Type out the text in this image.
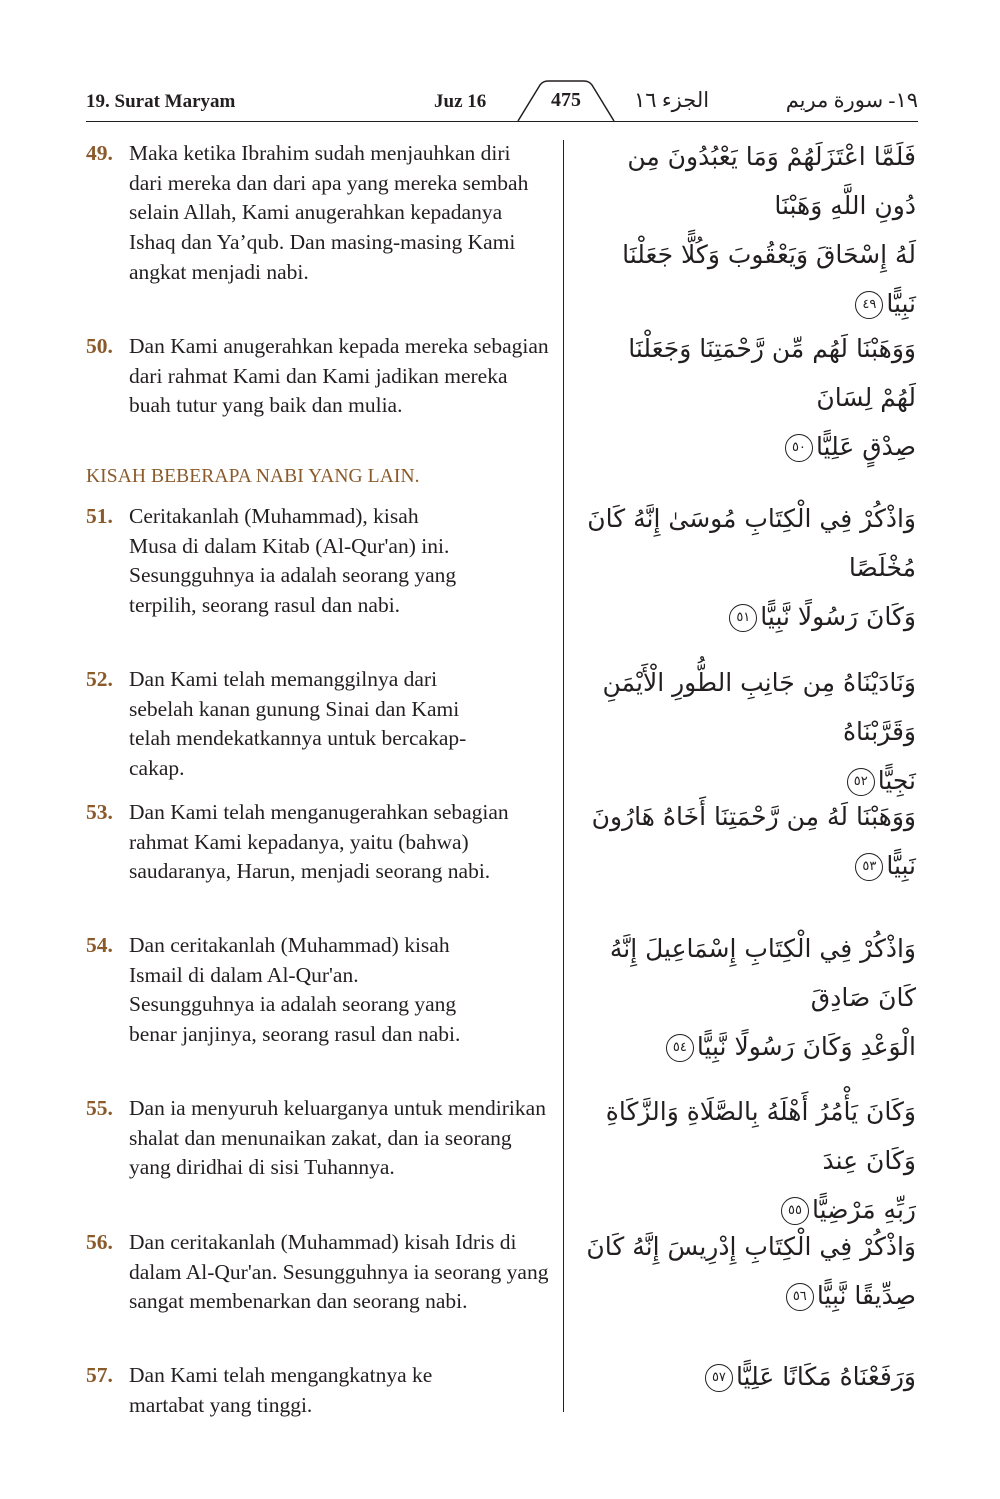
19. Surat Maryam	Juz 16	475	الجزء ١٦	١٩- سورة مريم
49. Maka ketika Ibrahim sudah menjauhkan diri dari mereka dan dari apa yang mereka sembah selain Allah, Kami anugerahkan kepadanya Ishaq dan Ya’qub. Dan masing-masing Kami angkat menjadi nabi.
50. Dan Kami anugerahkan kepada mereka sebagian dari rahmat Kami dan Kami jadikan mereka buah tutur yang baik dan mulia.
KISAH BEBERAPA NABI YANG LAIN.
51. Ceritakanlah (Muhammad), kisah Musa di dalam Kitab (Al-Qur'an) ini. Sesungguhnya ia adalah seorang yang terpilih, seorang rasul dan nabi.
52. Dan Kami telah memanggilnya dari sebelah kanan gunung Sinai dan Kami telah mendekatkannya untuk bercakap-cakap.
53. Dan Kami telah menganugerahkan sebagian rahmat Kami kepadanya, yaitu (bahwa) saudaranya, Harun, menjadi seorang nabi.
54. Dan ceritakanlah (Muhammad) kisah Ismail di dalam Al-Qur'an. Sesungguhnya ia adalah seorang yang benar janjinya, seorang rasul dan nabi.
55. Dan ia menyuruh keluarganya untuk mendirikan shalat dan menunaikan zakat, dan ia seorang yang diridhai di sisi Tuhannya.
56. Dan ceritakanlah (Muhammad) kisah Idris di dalam Al-Qur'an. Sesungguhnya ia seorang yang sangat membenarkan dan seorang nabi.
57. Dan Kami telah mengangkatnya ke martabat yang tinggi.
فَلَمَّا اعْتَزَلَهُمْ وَمَا يَعْبُدُونَ مِن دُونِ اللَّهِ وَهَبْنَا
لَهُ إِسْحَاقَ وَيَعْقُوبَ وَكُلًّا جَعَلْنَا نَبِيًّا٤٩
وَوَهَبْنَا لَهُم مِّن رَّحْمَتِنَا وَجَعَلْنَا لَهُمْ لِسَانَ
صِدْقٍ عَلِيًّا٥٠
وَاذْكُرْ فِي الْكِتَابِ مُوسَىٰ إِنَّهُ كَانَ مُخْلَصًا
وَكَانَ رَسُولًا نَّبِيًّا٥١
وَنَادَيْنَاهُ مِن جَانِبِ الطُّورِ الْأَيْمَنِ وَقَرَّبْنَاهُ
نَجِيًّا٥٢
وَوَهَبْنَا لَهُ مِن رَّحْمَتِنَا أَخَاهُ هَارُونَ نَبِيًّا٥٣
وَاذْكُرْ فِي الْكِتَابِ إِسْمَاعِيلَ إِنَّهُ كَانَ صَادِقَ
الْوَعْدِ وَكَانَ رَسُولًا نَّبِيًّا٥٤
وَكَانَ يَأْمُرُ أَهْلَهُ بِالصَّلَاةِ وَالزَّكَاةِ وَكَانَ عِندَ
رَبِّهِ مَرْضِيًّا٥٥
وَاذْكُرْ فِي الْكِتَابِ إِدْرِيسَ إِنَّهُ كَانَ صِدِّيقًا نَّبِيًّا٥٦
وَرَفَعْنَاهُ مَكَانًا عَلِيًّا٥٧
